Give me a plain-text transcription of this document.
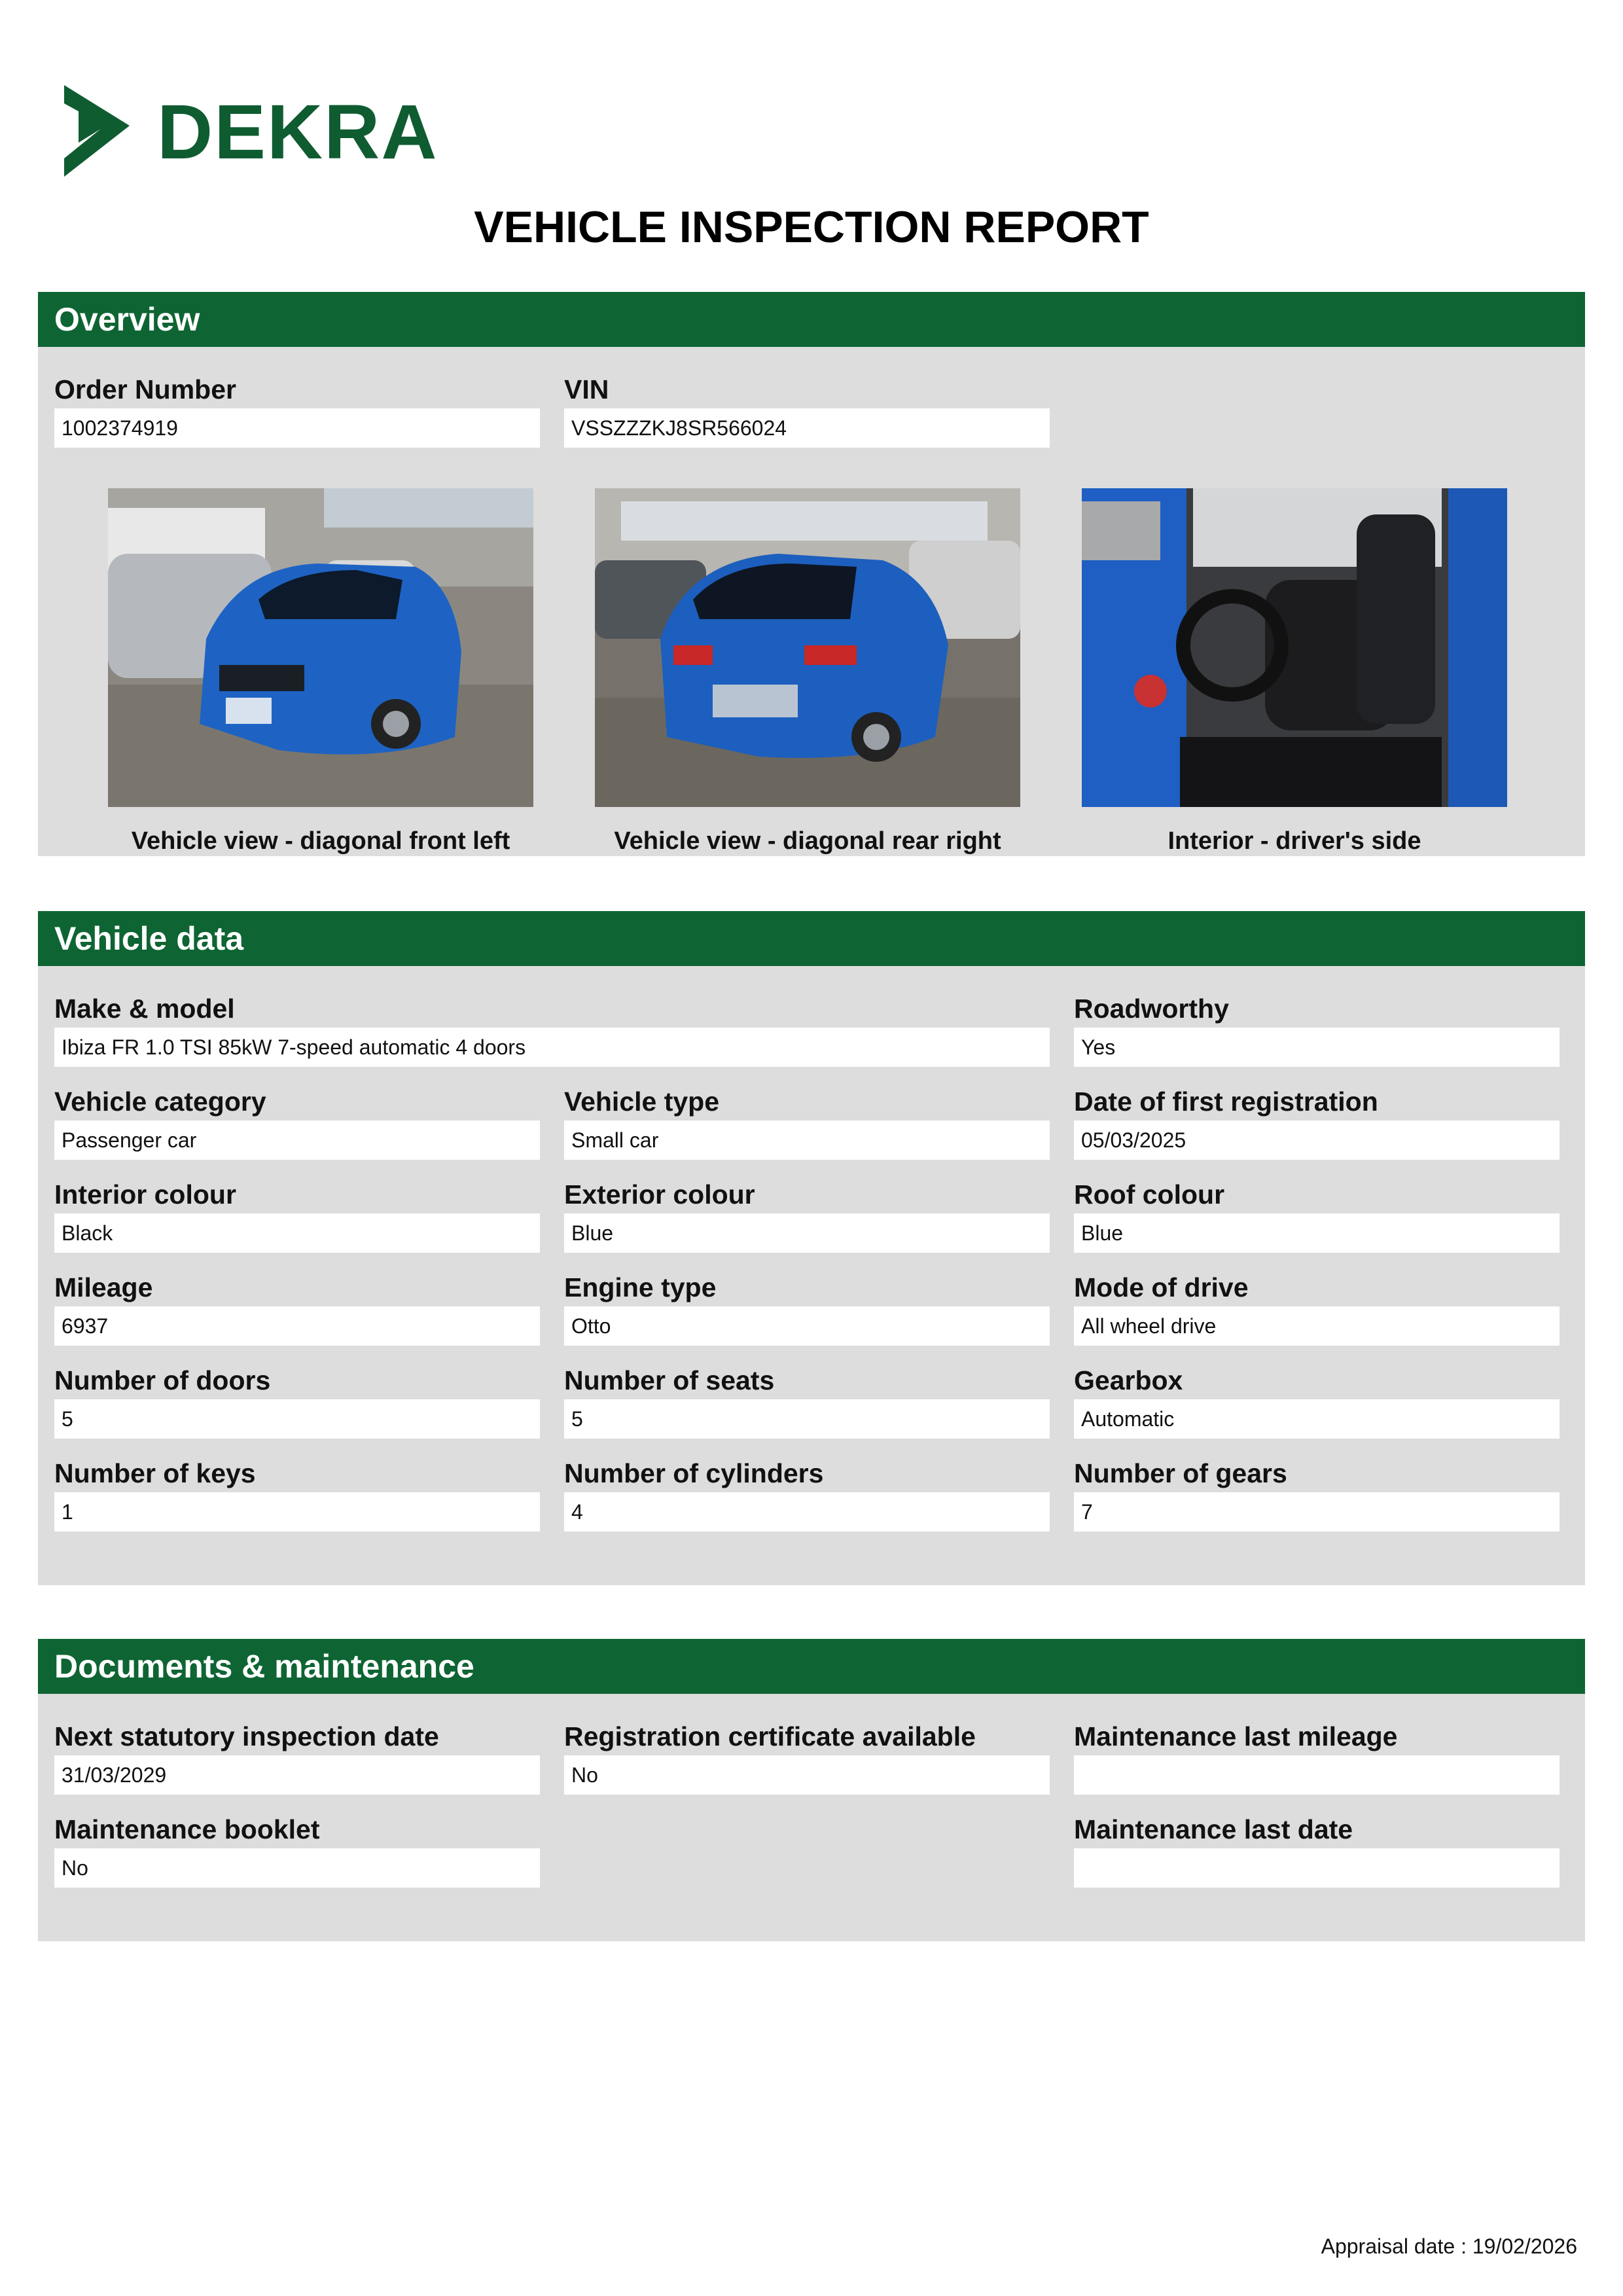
DEKRA
VEHICLE INSPECTION REPORT
Overview
Order Number
1002374919
VIN
VSSZZZKJ8SR566024
Vehicle view - diagonal front left	Vehicle view - diagonal rear right	Interior - driver's side
Vehicle data
Make & model
Ibiza FR 1.0 TSI 85kW 7-speed automatic 4 doors
Roadworthy
Yes
Vehicle category
Passenger car
Vehicle type
Small car
Date of first registration
05/03/2025
Interior colour
Black
Exterior colour
Blue
Roof colour
Blue
Mileage
6937
Engine type
Otto
Mode of drive
All wheel drive
Number of doors
5
Number of seats
5
Gearbox
Automatic
Number of keys
1
Number of cylinders
4
Number of gears
7
Documents & maintenance
Next statutory inspection date
31/03/2029
Registration certificate available
No
Maintenance last mileage
Maintenance booklet
No
Maintenance last date
Appraisal date : 19/02/2026
